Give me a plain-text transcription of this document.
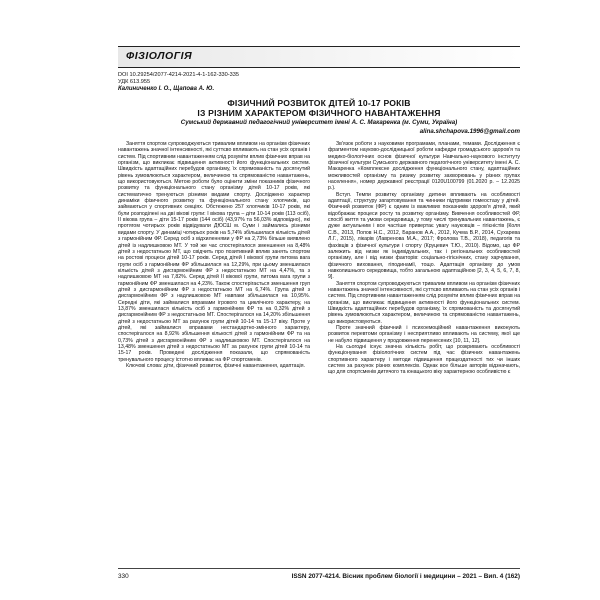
ФІЗІОЛОГІЯ
DOI 10.29254/2077-4214-2021-4-1-162-330-335
УДК 613.955
Калиниченко І. О., Щапова А. Ю.
ФІЗИЧНИЙ РОЗВИТОК ДІТЕЙ 10-17 РОКІВ
ІЗ РІЗНИМ ХАРАКТЕРОМ ФІЗИЧНОГО НАВАНТАЖЕННЯ
Сумський державний педагогічний університет імені А. С. Макаренка (м. Суми, Україна)
alina.shchapova.1996@gmail.com

Заняття спортом супроводжуються тривалим впливом на організм фізичних навантажень значної інтенсивності, які суттєво впливають на стан усіх органів і систем. Під спортивним навантаженням слід розуміти вплив фізичних вправ на організм, що викликає підвищення активності його функціональних систем. Швидкість адаптаційних перебудов організму, їх спрямованість та досягнутий рівень зумовлюються характером, величиною та спрямованістю навантажень, що використовуються. Метою роботи було оцінити зміни показників фізичного розвитку та функціонального стану організму дітей 10-17 років, які систематично тренуються різними видами спорту. Досліджено характер динаміки фізичного розвитку та функціонального стану хлопчиків, що займаються у спортивних секціях. Обстежено 257 хлопчиків 10-17 років, які були розподілені на дві вікові групи: І вікова група – діти 10-14 років (113 осіб), ІІ вікова група – діти 15-17 років (144 осіб) (43,97% та 56,03% відповідно), які протягом чотирьох років відвідували ДЮСШ м. Суми і займались різними видами спорту. У динаміці чотирьох років на 5,74% збільшилася кількість дітей з гармонійним ФР. Серед осіб з відхиленнями у ФР на 2,73% більше виявлено дітей із надлишковою МТ. У той же час спостерігалося зменшення на 8,48% дітей з недостатньою МТ, що свідчить про позитивний вплив занять спортом на ростові процеси дітей 10-17 років. Серед дітей І вікової групи питома вага групи осіб з гармонійним ФР збільшилася на 12,29%, при цьому зменшилася кількість дітей з дисгармонійним ФР з недостатньою МТ на 4,47%, та з надлишковою МТ на 7,82%. Серед дітей ІІ вікової групи, питома вага групи з гармонійним ФР зменшилася на 4,23%. Також спостерігається зменшення груп дітей з дисгармонійним ФР з недостатньою МТ на 6,74%. Група дітей з дисгармонійним ФР з надлишковою МТ навпаки збільшилася на 10,95%. Середні діти, які займалися вправами ігрового та циклічного характеру, на 13,87% зменшилася кількість осіб з гармонійним ФР та на 0,32% дітей з дисгармонійним ФР з недостатньою МТ. Спостерігалося на 14,20% збільшення дітей з недостатньою МТ за рахунок групи дітей 10-14 та 15-17 віку. Проте у дітей, які займалися вправами нестандартно-змінного характеру, спостерігалося на 8,92% збільшення кількості дітей з гармонійним ФР та на 0,73% дітей з дисгармонійним ФР з надлишковою МТ. Спостерігалося на 13,48% зменшення дітей з недостатньою МТ за рахунок групи дітей 10-14 та 15-17 років. Проведені дослідження показали, що спрямованість тренувального процесу істотно впливає на ФР спортсменів.

Ключові слова: діти, фізичний розвиток, фізичні навантаження, адаптація.

Зв'язок роботи з науковими програмами, планами, темами. Дослідження є фрагментом науково-дослідницької роботи кафедри громадського здоров'я та медико-біологічних основ фізичної культури Навчально-наукового інституту фізичної культури Сумського державного педагогічного університету імені А. С. Макаренка «Комплексне дослідження функціонального стану, адаптаційних можливостей організму та ризику розвитку захворювань у різних групах населення», номер державної реєстрації 0120U100799 (01.2020 р. – 12.2025 р.).

Вступ. Темпи розвитку організму дитини впливають на особливості адаптації, структуру загартовування та чинники підтримки гомеостазу у дітей. Фізичний розвиток (ФР) є одним із важливих показників здоров'я дітей, який відображає процеси росту та розвитку організму. Вивчення особливостей ФР, спосіб життя та умови середовища, у тому числі тренувальних навантажень, є дуже актуальним і все частіше привертає увагу науковців – гігієністів (Коля С.В., 2013, Попов Н.С., 2012, Баранов А.А., 2012, Кучма В.Р., 2014, Сухарева Л.Г., 2015), лікарів (Лавренова М.А., 2017; Фролова Т.В., 2018), педагогів та фахівців з фізичної культури і спорту (Круцевич Т.Ю., 2010). Відомо, що ФР залежить від низки як індивідуальних, так і регіональних особливостей організму, але і від низки факторів: соціально-гігієнічних, стану харчування, фізичного виховання, гіподинамії, тощо. Адаптація організму до умов навколишнього середовища, тобто загальною адаптаційною [2, 3, 4, 5, 6, 7, 8, 9].

Заняття спортом супроводжуються тривалим впливом на організм фізичних навантажень значної інтенсивності, які суттєво впливають на стан усіх органів і систем. Під спортивним навантаженням слід розуміти вплив фізичних вправ на організм, що викликає підвищення активності його функціональних систем. Швидкість адаптаційних перебудов організму, їх спрямованість та досягнутий рівень зумовлюються характером, величиною та спрямованістю навантажень, що використовуються.

Проте значний фізичний і психоемоційний навантаження виконують розвиток перевтоми організму і несприятливо впливають на систему, якої ще не набуло підвищення у продовження перенесених [10, 11, 12].

На сьогодні існує значна кількість робіт, що розкривають особливості функціонування фізіологічних систем під час фізичних навантажень спортивного характеру і методи підвищення працездатності тих чи інших систем за рахунок різних комплексів. Однак все більше авторів відзначають, що для спортсменів дитячого та юнацького віку характерною особливістю є

330	ISSN 2077-4214. Вісник проблем біології і медицини – 2021 – Вип. 4 (162)
